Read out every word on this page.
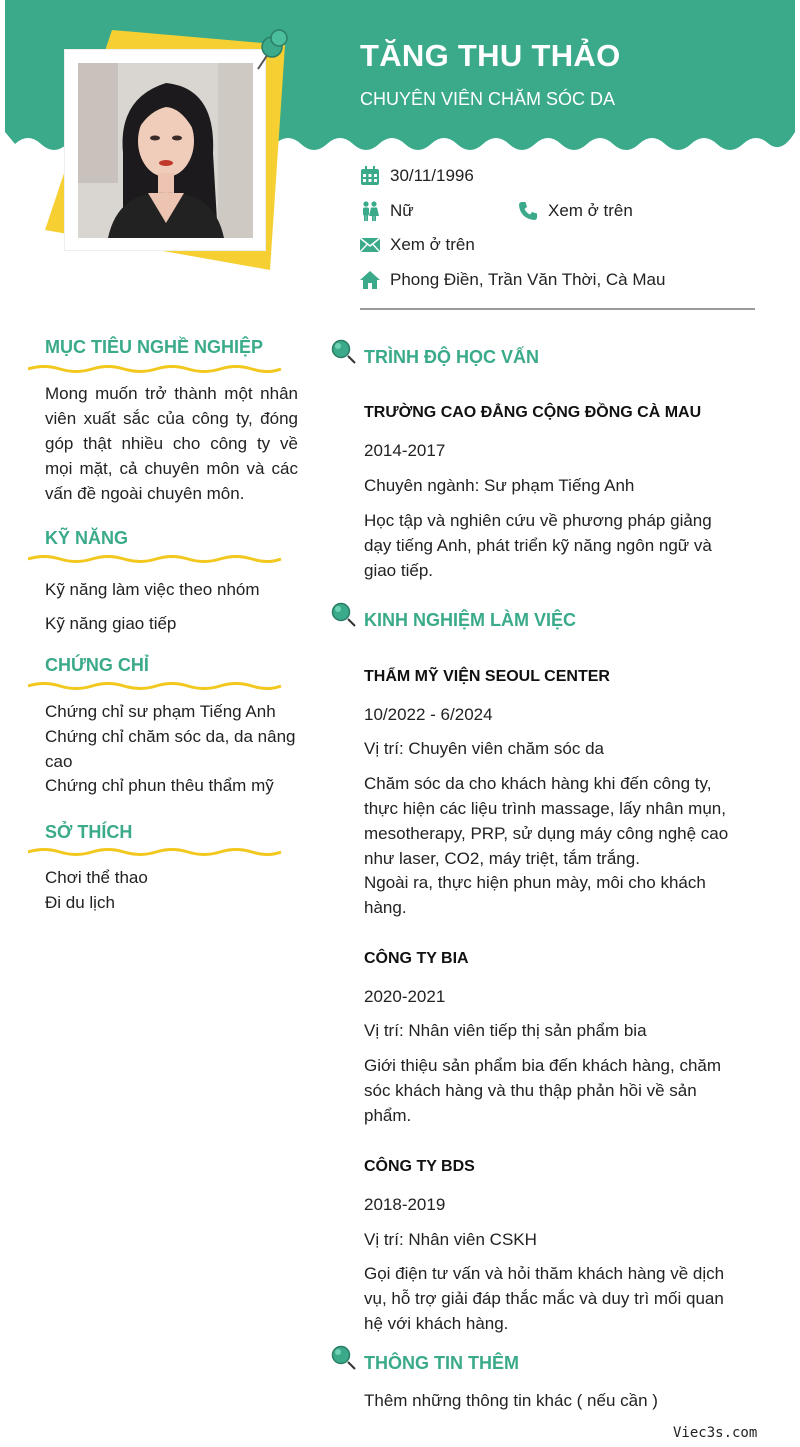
TĂNG THU THẢO
CHUYÊN VIÊN CHĂM SÓC DA
30/11/1996
Nữ	Xem ở trên
Xem ở trên
Phong Điền, Trần Văn Thời, Cà Mau
MỤC TIÊU NGHỀ NGHIỆP
Mong muốn trở thành một nhân viên xuất sắc của công ty, đóng góp thật nhiều cho công ty về mọi mặt, cả chuyên môn và các vấn đề ngoài chuyên môn.
KỸ NĂNG
Kỹ năng làm việc theo nhóm
Kỹ năng giao tiếp
CHỨNG CHỈ
Chứng chỉ sư phạm Tiếng Anh
Chứng chỉ chăm sóc da, da nâng cao
Chứng chỉ phun thêu thẩm mỹ
SỞ THÍCH
Chơi thể thao
Đi du lịch
TRÌNH ĐỘ HỌC VẤN
TRƯỜNG CAO ĐẲNG CỘNG ĐỒNG CÀ MAU
2014-2017
Chuyên ngành: Sư phạm Tiếng Anh
Học tập và nghiên cứu về phương pháp giảng dạy tiếng Anh, phát triển kỹ năng ngôn ngữ và giao tiếp.
KINH NGHIỆM LÀM VIỆC
THẨM MỸ VIỆN SEOUL CENTER
10/2022 - 6/2024
Vị trí: Chuyên viên chăm sóc da
Chăm sóc da cho khách hàng khi đến công ty, thực hiện các liệu trình massage, lấy nhân mụn, mesotherapy, PRP, sử dụng máy công nghệ cao như laser, CO2, máy triệt, tắm trắng.
Ngoài ra, thực hiện phun mày, môi cho khách hàng.
CÔNG TY BIA
2020-2021
Vị trí: Nhân viên tiếp thị sản phẩm bia
Giới thiệu sản phẩm bia đến khách hàng, chăm sóc khách hàng và thu thập phản hồi về sản phẩm.
CÔNG TY BDS
2018-2019
Vị trí: Nhân viên CSKH
Gọi điện tư vấn và hỏi thăm khách hàng về dịch vụ, hỗ trợ giải đáp thắc mắc và duy trì mối quan hệ với khách hàng.
THÔNG TIN THÊM
Thêm những thông tin khác ( nếu cần )
Viec3s.com
